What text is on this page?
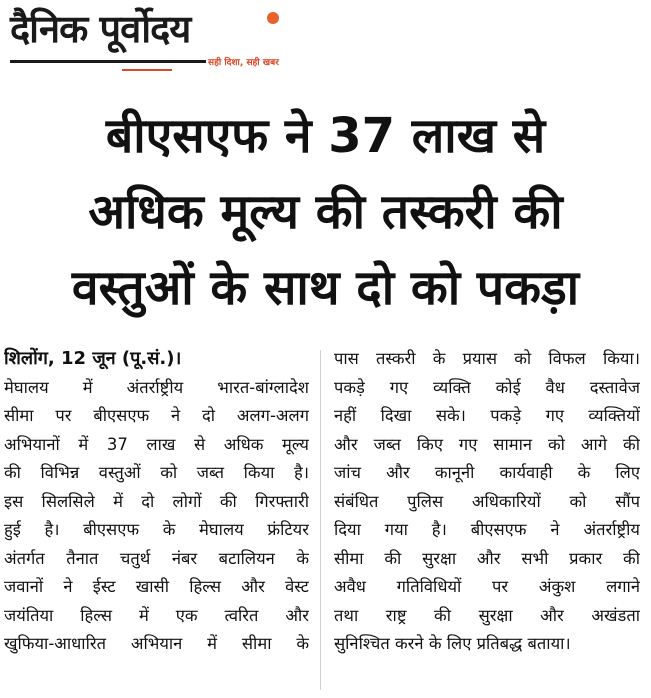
दैनिक पूर्वोदय
सही दिशा, सही खबर
बीएसएफ ने 37 लाख से
अधिक मूल्य की तस्करी की
वस्तुओं के साथ दो को पकड़ा
शिलोंग, 12 जून (पू.सं.)।
मेघालय में अंतर्राष्ट्रीय भारत-बांग्लादेश
सीमा पर बीएसएफ ने दो अलग-अलग
अभियानों में 37 लाख से अधिक मूल्य
की विभिन्न वस्तुओं को जब्त किया है।
इस सिलसिले में दो लोगों की गिरफ्तारी
हुई है। बीएसएफ के मेघालय फ्रंटियर
अंतर्गत तैनात चतुर्थ नंबर बटालियन के
जवानों ने ईस्ट खासी हिल्स और वेस्ट
जयंतिया हिल्स में एक त्वरित और
खुफिया-आधारित अभियान में सीमा के
पास तस्करी के प्रयास को विफल किया।
पकड़े गए व्यक्ति कोई वैध दस्तावेज
नहीं दिखा सके। पकड़े गए व्यक्तियों
और जब्त किए गए सामान को आगे की
जांच और कानूनी कार्यवाही के लिए
संबंधित पुलिस अधिकारियों को सौंप
दिया गया है। बीएसएफ ने अंतर्राष्ट्रीय
सीमा की सुरक्षा और सभी प्रकार की
अवैध गतिविधियों पर अंकुश लगाने
तथा राष्ट्र की सुरक्षा और अखंडता
सुनिश्चित करने के लिए प्रतिबद्ध बताया।
